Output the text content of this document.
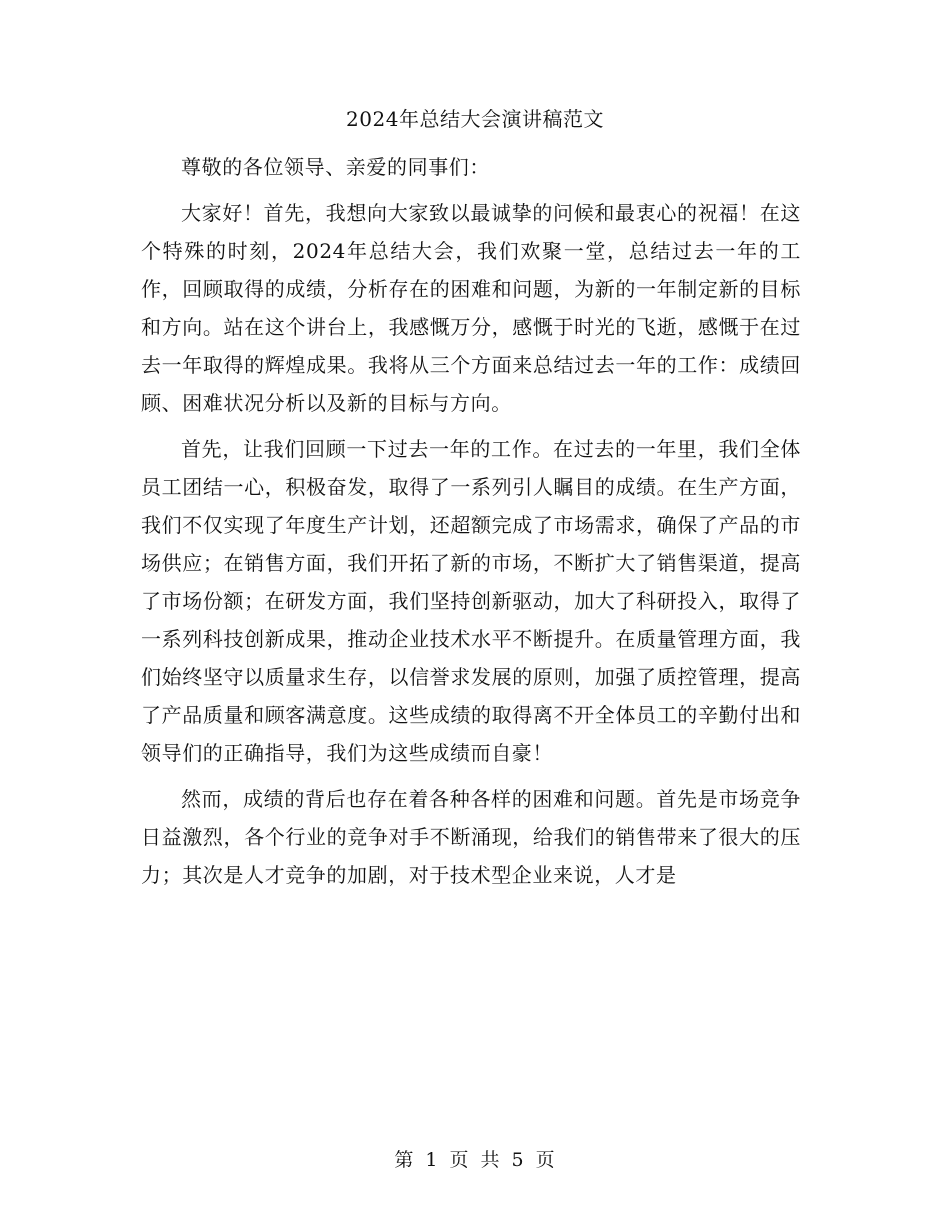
2024年总结大会演讲稿范文

尊敬的各位领导、亲爱的同事们：

大家好！首先，我想向大家致以最诚挚的问候和最衷心的祝福！在这个特殊的时刻，2024年总结大会，我们欢聚一堂，总结过去一年的工作，回顾取得的成绩，分析存在的困难和问题，为新的一年制定新的目标和方向。站在这个讲台上，我感慨万分，感慨于时光的飞逝，感慨于在过去一年取得的辉煌成果。我将从三个方面来总结过去一年的工作：成绩回顾、困难状况分析以及新的目标与方向。

首先，让我们回顾一下过去一年的工作。在过去的一年里，我们全体员工团结一心，积极奋发，取得了一系列引人瞩目的成绩。在生产方面，我们不仅实现了年度生产计划，还超额完成了市场需求，确保了产品的市场供应；在销售方面，我们开拓了新的市场，不断扩大了销售渠道，提高了市场份额；在研发方面，我们坚持创新驱动，加大了科研投入，取得了一系列科技创新成果，推动企业技术水平不断提升。在质量管理方面，我们始终坚守以质量求生存，以信誉求发展的原则，加强了质控管理，提高了产品质量和顾客满意度。这些成绩的取得离不开全体员工的辛勤付出和领导们的正确指导，我们为这些成绩而自豪！

然而，成绩的背后也存在着各种各样的困难和问题。首先是市场竞争日益激烈，各个行业的竞争对手不断涌现，给我们的销售带来了很大的压力；其次是人才竞争的加剧，对于技术型企业来说，人才是

第 1 页 共 5 页
